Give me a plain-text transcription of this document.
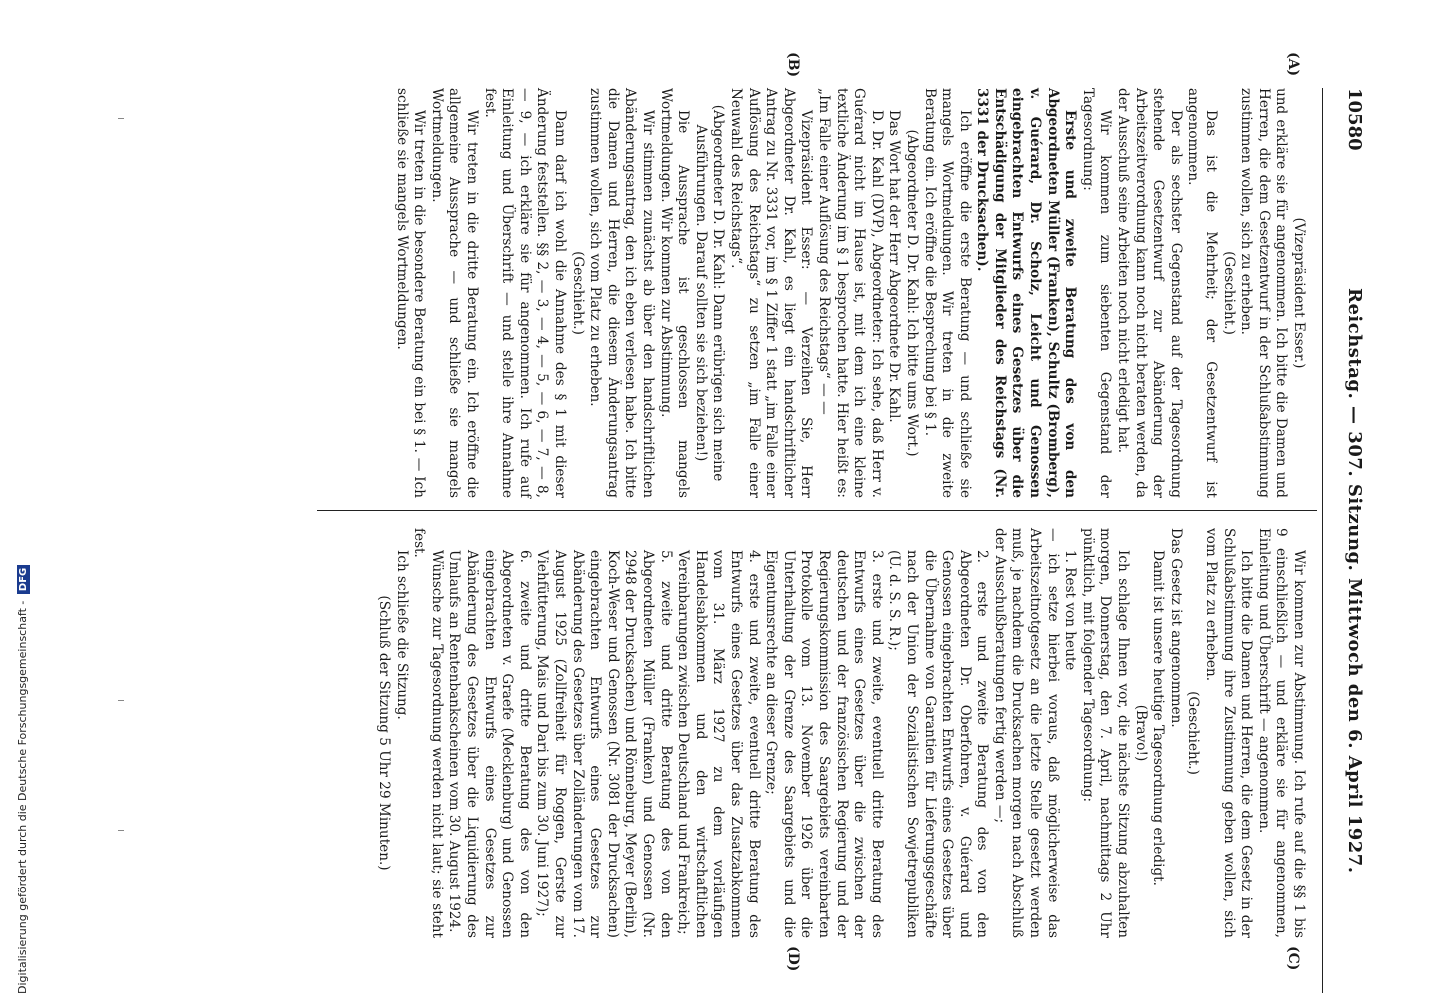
10580
Reichstag. — 307. Sitzung. Mittwoch den 6. April 1927.
(A)
(B)
(C)
(D)

(Vizepräsident Esser.)

und erkläre sie für angenommen. Ich bitte die Damen und Herren, die dem Gesetzentwurf in der Schlußabstimmung zustimmen wollen, sich zu erheben.

(Geschieht.)

Das ist die Mehrheit; der Gesetzentwurf ist angenommen.

Der als sechster Gegenstand auf der Tagesordnung stehende Gesetzentwurf zur Abänderung der Arbeitszeitverordnung kann noch nicht beraten werden, da der Ausschuß seine Arbeiten noch nicht erledigt hat.

Wir kommen zum siebenten Gegenstand der Tagesordnung:

Erste und zweite Beratung des von den Abgeordneten Müller (Franken), Schultz (Bromberg), v. Guérard, Dr. Scholz, Leicht und Genossen eingebrachten Entwurfs eines Gesetzes über die Entschädigung der Mitglieder des Reichstags (Nr. 3331 der Drucksachen).

Ich eröffne die erste Beratung — und schließe sie mangels Wortmeldungen. Wir treten in die zweite Beratung ein. Ich eröffne die Besprechung bei § 1.

(Abgeordneter D. Dr. Kahl: Ich bitte ums Wort.)

Das Wort hat der Herr Abgeordnete Dr. Kahl.

D. Dr. Kahl (DVP), Abgeordneter: Ich sehe, daß Herr v. Guérard nicht im Hause ist, mit dem ich eine kleine textliche Änderung im § 1 besprochen hatte. Hier heißt es: „Im Falle einer Auflösung des Reichstags“ — —

Vizepräsident Esser: — Verzeihen Sie, Herr Abgeordneter Dr. Kahl, es liegt ein handschriftlicher Antrag zu Nr. 3331 vor, im § 1 Ziffer 1 statt „im Falle einer Auflösung des Reichstags“ zu setzen „im Falle einer Neuwahl des Reichstags“.

(Abgeordneter D. Dr. Kahl: Dann erübrigen sich meine Ausführungen. Darauf sollten sie sich beziehen!)

Die Aussprache ist geschlossen mangels Wortmeldungen. Wir kommen zur Abstimmung.

Wir stimmen zunächst ab über den handschriftlichen Abänderungsantrag, den ich eben verlesen habe. Ich bitte die Damen und Herren, die diesem Änderungsantrag zustimmen wollen, sich vom Platz zu erheben.

(Geschieht.)

Dann darf ich wohl die Annahme des § 1 mit dieser Änderung feststellen. §§ 2, — 3, — 4, — 5, — 6, — 7, — 8, — 9, — ich erkläre sie für angenommen. Ich rufe auf Einleitung und Überschrift — und stelle ihre Annahme fest.

Wir treten in die dritte Beratung ein. Ich eröffne die allgemeine Aussprache — und schließe sie mangels Wortmeldungen.

Wir treten in die besondere Beratung ein bei § 1. — Ich schließe sie mangels Wortmeldungen.

Wir kommen zur Abstimmung. Ich rufe auf die §§ 1 bis 9 einschließlich — und erkläre sie für angenommen, Einleitung und Überschrift — angenommen.

Ich bitte die Damen und Herren, die dem Gesetz in der Schlußabstimmung ihre Zustimmung geben wollen, sich vom Platz zu erheben.

(Geschieht.)

Das Gesetz ist angenommen.

Damit ist unsere heutige Tagesordnung erledigt.

(Bravo!)

Ich schlage Ihnen vor, die nächste Sitzung abzuhalten morgen, Donnerstag, den 7. April, nachmittags 2 Uhr pünktlich, mit folgender Tagesordnung:

1. Rest von heute

— ich setze hierbei voraus, daß möglicherweise das Arbeitszeitnotgesetz an die letzte Stelle gesetzt werden muß, je nachdem die Drucksachen morgen nach Abschluß der Ausschußberatungen fertig werden —;

2. erste und zweite Beratung des von den Abgeordneten Dr. Oberfohren, v. Guérard und Genossen eingebrachten Entwurfs eines Gesetzes über die Übernahme von Garantien für Lieferungsgeschäfte nach der Union der Sozialistischen Sowjetrepubliken (U. d. S. S. R.);

3. erste und zweite, eventuell dritte Beratung des Entwurfs eines Gesetzes über die zwischen der deutschen und der französischen Regierung und der Regierungskommission des Saargebiets vereinbarten Protokolle vom 13. November 1926 über die Unterhaltung der Grenze des Saargebiets und die Eigentumsrechte an dieser Grenze;

4. erste und zweite, eventuell dritte Beratung des Entwurfs eines Gesetzes über das Zusatzabkommen vom 31. März 1927 zu dem vorläufigen Handelsabkommen und den wirtschaftlichen Vereinbarungen zwischen Deutschland und Frankreich;

5. zweite und dritte Beratung des von den Abgeordneten Müller (Franken) und Genossen (Nr. 2948 der Drucksachen) und Rönneburg, Meyer (Berlin), Koch-Weser und Genossen (Nr. 3081 der Drucksachen) eingebrachten Entwurfs eines Gesetzes zur Abänderung des Gesetzes über Zolländerungen vom 17. August 1925 (Zollfreiheit für Roggen, Gerste zur Viehfütterung, Mais und Dari bis zum 30. Juni 1927);

6. zweite und dritte Beratung des von den Abgeordneten v. Graefe (Mecklenburg) und Genossen eingebrachten Entwurfs eines Gesetzes zur Abänderung des Gesetzes über die Liquidierung des Umlaufs an Rentenbankscheinen vom 30. August 1924.

Wünsche zur Tagesordnung werden nicht laut; sie steht fest.

Ich schließe die Sitzung.

(Schluß der Sitzung 5 Uhr 29 Minuten.)

Digitalisierung gefördert durch die Deutsche Forschungsgemeinschaft - DFG
